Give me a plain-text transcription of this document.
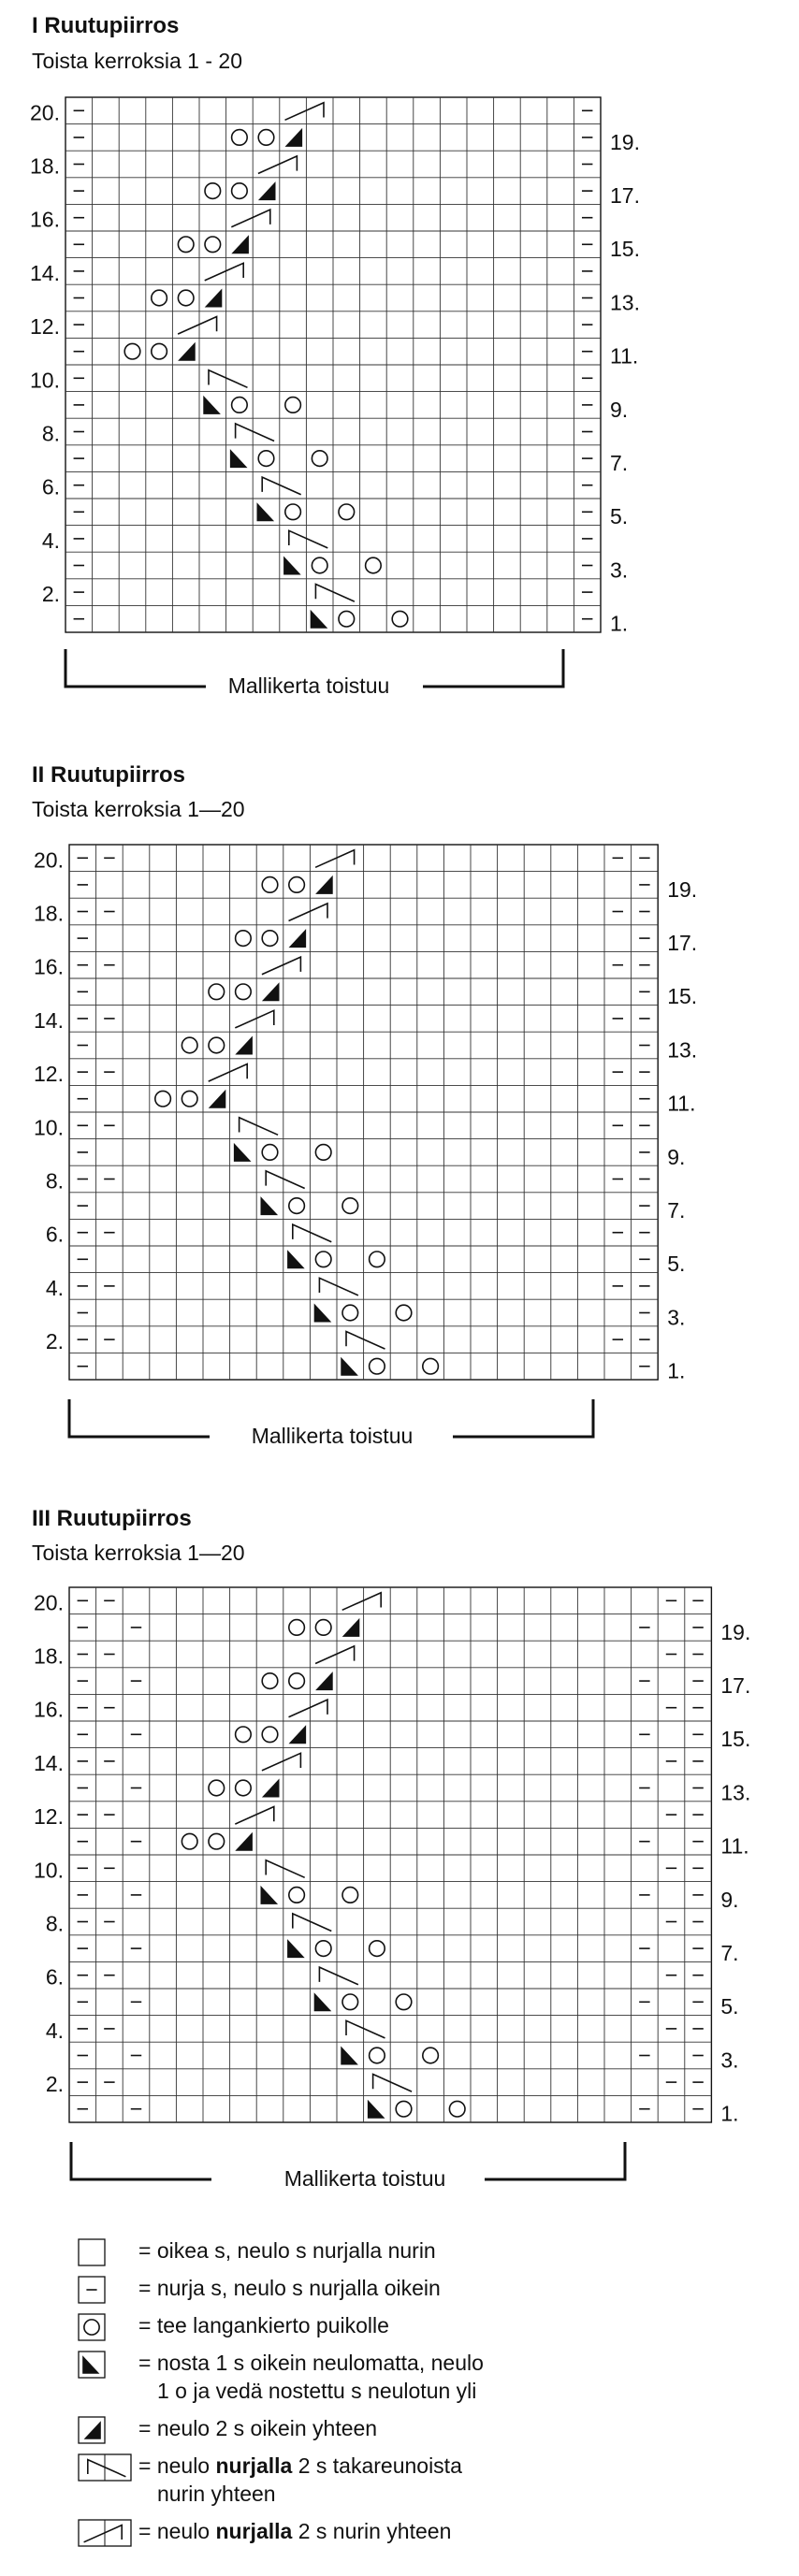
I Ruutupiirros
Toista kerroksia 1 - 20
Mallikerta toistuu
II Ruutupiirros
Toista kerroksia 1—20
Mallikerta toistuu
III Ruutupiirros
Toista kerroksia 1—20
Mallikerta toistuu
= oikea s, neulo s nurjalla nurin
= nurja s, neulo s nurjalla oikein
= tee langankierto puikolle
= nosta 1 s oikein neulomatta, neulo
1 o ja vedä nostettu s neulotun yli
= neulo 2 s oikein yhteen
= neulo nurjalla 2 s takareunoista
nurin yhteen
= neulo nurjalla 2 s nurin yhteen
20.
18.
16.
14.
12.
10.
8.
6.
4.
2.
19.
17.
15.
13.
11.
9.
7.
5.
3.
1.
20.
18.
16.
14.
12.
10.
8.
6.
4.
2.
19.
17.
15.
13.
11.
9.
7.
5.
3.
1.
20.
18.
16.
14.
12.
10.
8.
6.
4.
2.
19.
17.
15.
13.
11.
9.
7.
5.
3.
1.
